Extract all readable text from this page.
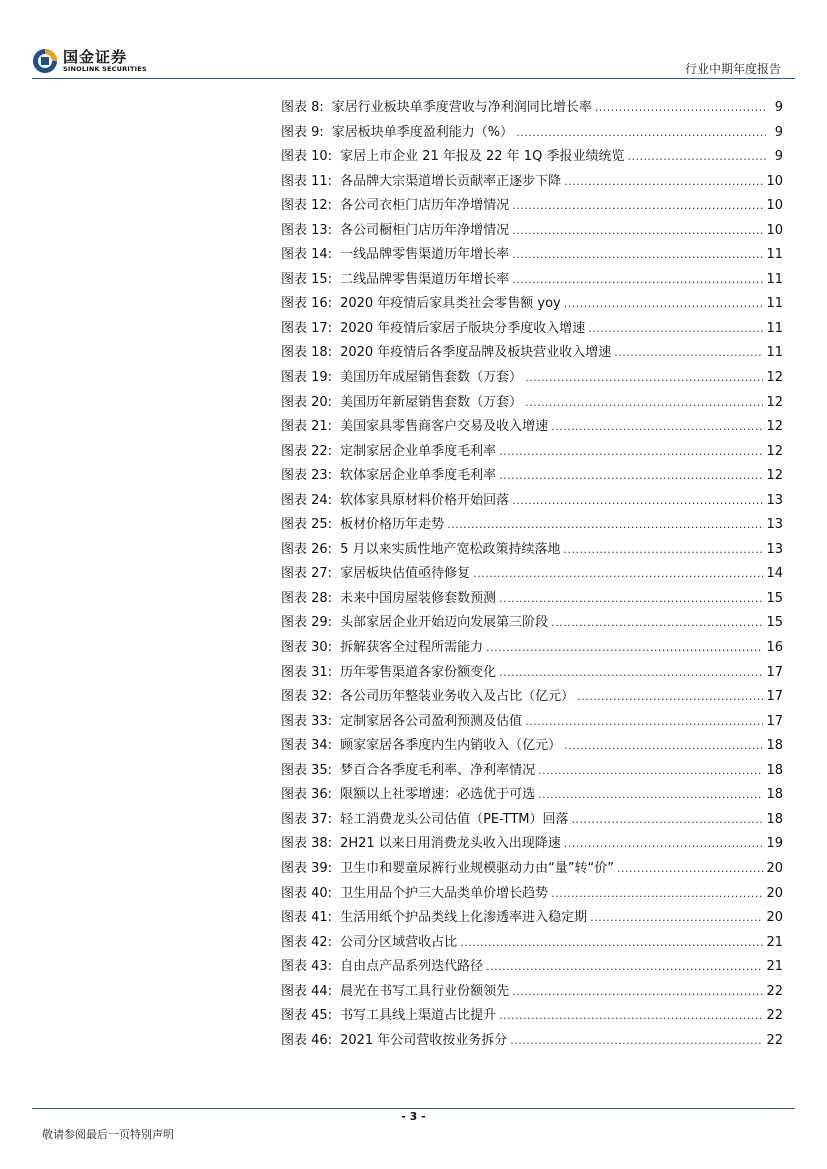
国金证券
SINOLINK SECURITIES	行业中期年度报告
图表 8: 家居行业板块单季度营收与净利润同比增长率 .....	9
图表 9: 家居板块单季度盈利能力（%） .....	9
图表 10: 家居上市企业 21 年报及 22 年 1Q 季报业绩统览 .....	9
图表 11: 各品牌大宗渠道增长贡献率正逐步下降 .....	10
图表 12: 各公司衣柜门店历年净增情况 .....	10
图表 13: 各公司橱柜门店历年净增情况 .....	10
图表 14: 一线品牌零售渠道历年增长率 .....	11
图表 15: 二线品牌零售渠道历年增长率 .....	11
图表 16: 2020 年疫情后家具类社会零售额 yoy .....	11
图表 17: 2020 年疫情后家居子版块分季度收入增速 .....	11
图表 18: 2020 年疫情后各季度品牌及板块营业收入增速 .....	11
图表 19: 美国历年成屋销售套数（万套） .....	12
图表 20: 美国历年新屋销售套数（万套） .....	12
图表 21: 美国家具零售商客户交易及收入增速 .....	12
图表 22: 定制家居企业单季度毛利率 .....	12
图表 23: 软体家居企业单季度毛利率 .....	12
图表 24: 软体家具原材料价格开始回落 .....	13
图表 25: 板材价格历年走势 .....	13
图表 26: 5 月以来实质性地产宽松政策持续落地 .....	13
图表 27: 家居板块估值亟待修复 .....	14
图表 28: 未来中国房屋装修套数预测 .....	15
图表 29: 头部家居企业开始迈向发展第三阶段 .....	15
图表 30: 拆解获客全过程所需能力 .....	16
图表 31: 历年零售渠道各家份额变化 .....	17
图表 32: 各公司历年整装业务收入及占比（亿元） .....	17
图表 33: 定制家居各公司盈利预测及估值 .....	17
图表 34: 顾家家居各季度内生内销收入（亿元） .....	18
图表 35: 梦百合各季度毛利率、净利率情况 .....	18
图表 36: 限额以上社零增速：必选优于可选 .....	18
图表 37: 轻工消费龙头公司估值（PE-TTM）回落 .....	18
图表 38: 2H21 以来日用消费龙头收入出现降速 .....	19
图表 39: 卫生巾和婴童尿裤行业规模驱动力由“量”转“价” .....	20
图表 40: 卫生用品个护三大品类单价增长趋势 .....	20
图表 41: 生活用纸个护品类线上化渗透率进入稳定期 .....	20
图表 42: 公司分区域营收占比 .....	21
图表 43: 自由点产品系列迭代路径 .....	21
图表 44: 晨光在书写工具行业份额领先 .....	22
图表 45: 书写工具线上渠道占比提升 .....	22
图表 46: 2021 年公司营收按业务拆分 .....	22
- 3 -
敬请参阅最后一页特别声明
